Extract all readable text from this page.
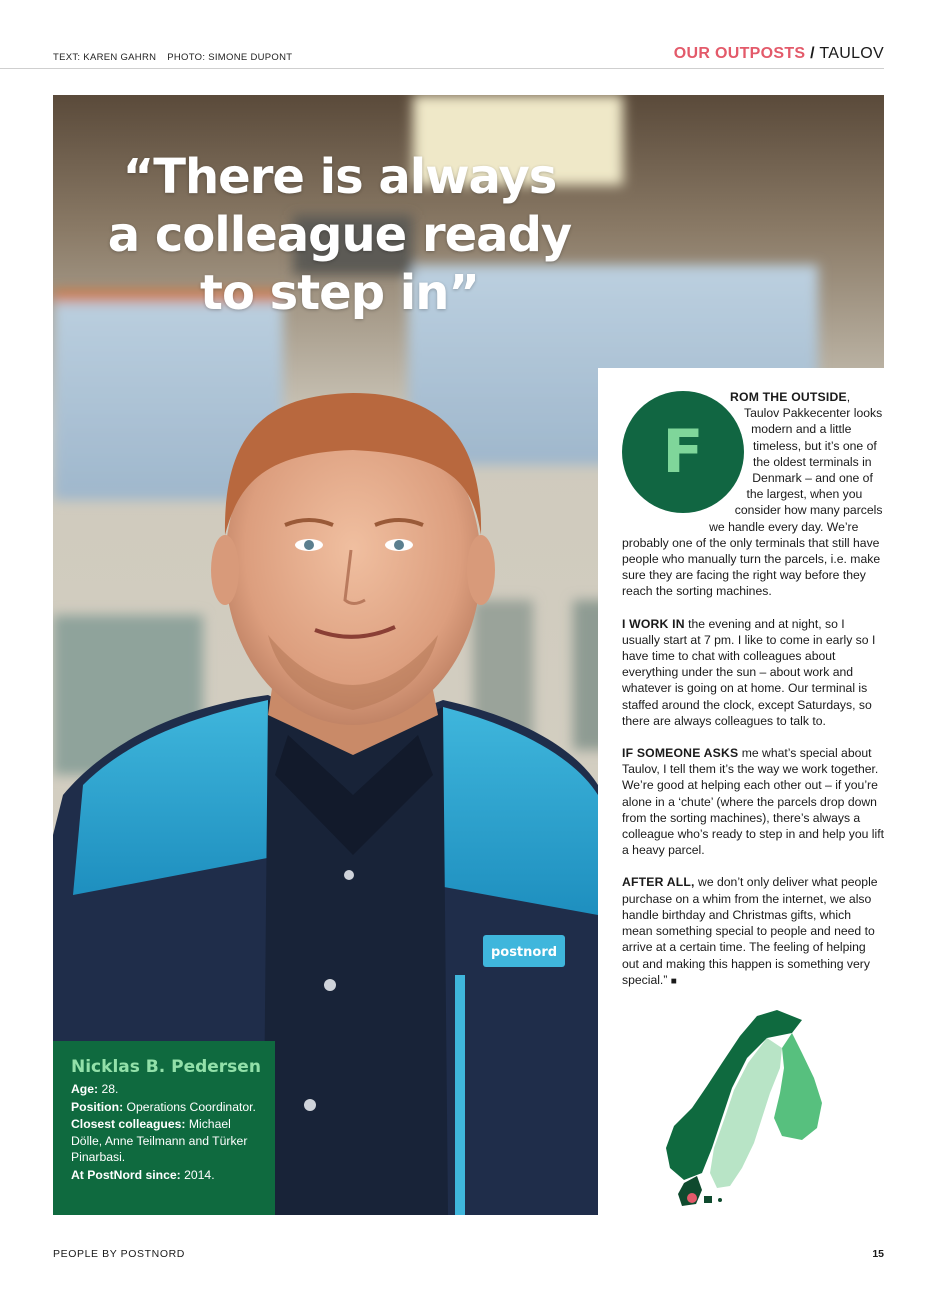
TEXT: KAREN GAHRN PHOTO: SIMONE DUPONT	OUR OUTPOSTS / TAULOV
postnord
“There is always
a colleague ready
to step in”
F

ROM THE OUTSIDE, Taulov Pakkecenter looks modern and a little timeless, but it’s one of the oldest terminals in Denmark – and one of the largest, when you consider how many parcels we handle every day. We’re probably one of the only terminals that still have people who manually turn the parcels, i.e. make sure they are facing the right way before they reach the sorting machines.

I WORK IN the evening and at night, so I usually start at 7 pm. I like to come in early so I have time to chat with colleagues about everything under the sun – about work and whatever is going on at home. Our terminal is staffed around the clock, except Saturdays, so there are always colleagues to talk to.

IF SOMEONE ASKS me what’s special about Taulov, I tell them it’s the way we work together. We’re good at helping each other out – if you’re alone in a ‘chute’ (where the parcels drop down from the sorting machines), there’s always a colleague who’s ready to step in and help you lift a heavy parcel.

AFTER ALL, we don’t only deliver what people purchase on a whim from the internet, we also handle birthday and Christmas gifts, which mean something special to people and need to arrive at a certain time. The feeling of helping out and making this happen is something very special.” ■

Nicklas B. Pedersen
Age: 28.
Position: Operations Coordinator.
Closest colleagues: Michael Dölle, Anne Teilmann and Türker Pinarbasi.
At PostNord since: 2014.
PEOPLE BY POSTNORD	15
